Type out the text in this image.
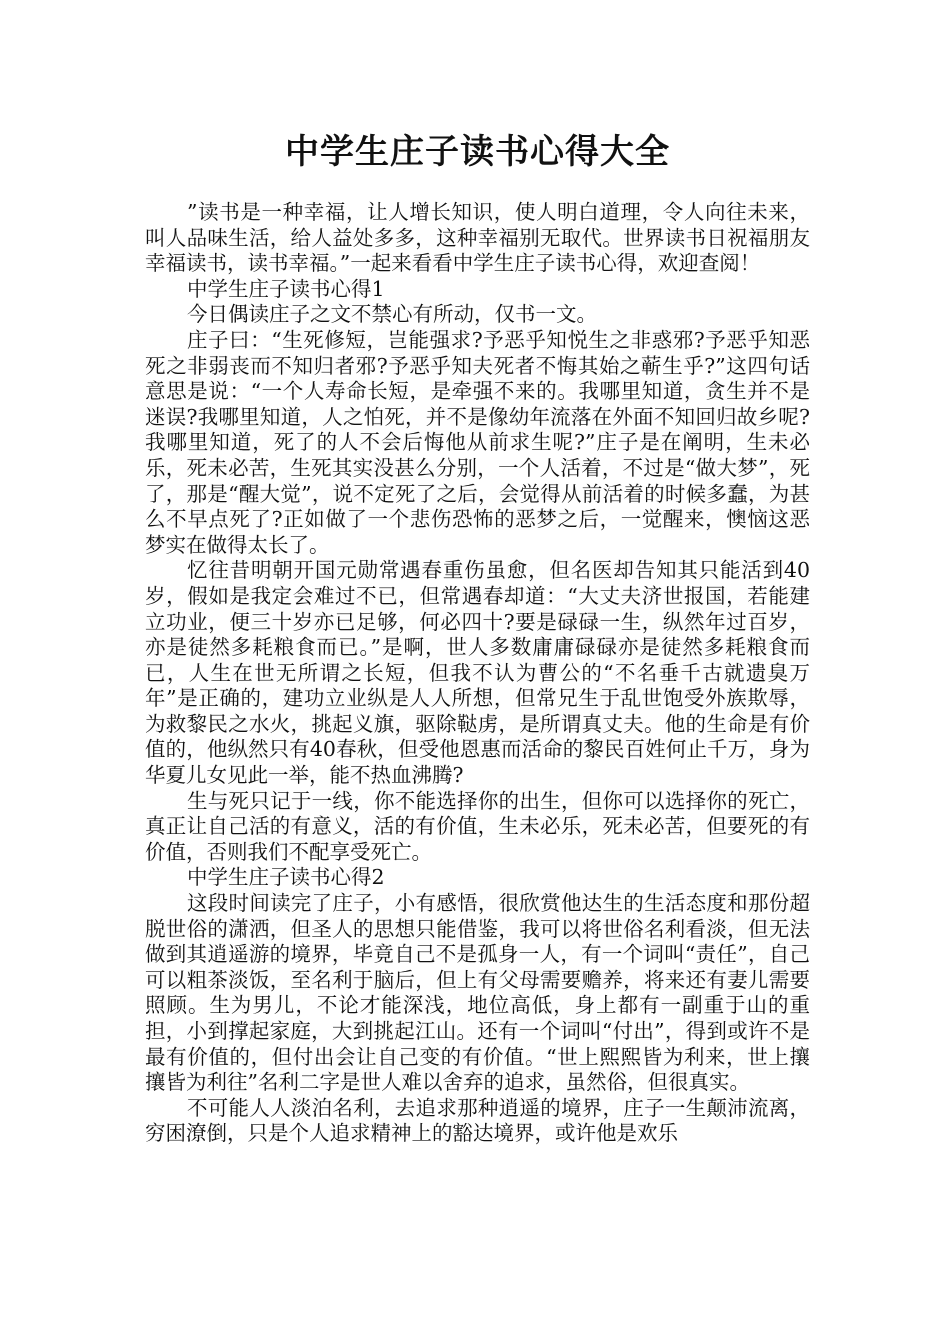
中学生庄子读书心得大全

”读书是一种幸福，让人增长知识，使人明白道理，令人向往未来，叫人品味生活，给人益处多多，这种幸福别无取代。世界读书日祝福朋友幸福读书，读书幸福。”一起来看看中学生庄子读书心得，欢迎查阅！

中学生庄子读书心得1

今日偶读庄子之文不禁心有所动，仅书一文。

庄子曰：“生死修短，岂能强求?予恶乎知悦生之非惑邪?予恶乎知恶死之非弱丧而不知归者邪?予恶乎知夫死者不悔其始之蕲生乎?”这四句话意思是说：“一个人寿命长短，是牵强不来的。我哪里知道，贪生并不是迷误?我哪里知道，人之怕死，并不是像幼年流落在外面不知回归故乡呢?我哪里知道，死了的人不会后悔他从前求生呢?”庄子是在阐明，生未必乐，死未必苦，生死其实没甚么分别，一个人活着，不过是“做大梦”，死了，那是“醒大觉”，说不定死了之后，会觉得从前活着的时候多蠢，为甚么不早点死了?正如做了一个悲伤恐怖的恶梦之后，一觉醒来，懊恼这恶梦实在做得太长了。

忆往昔明朝开国元勋常遇春重伤虽愈，但名医却告知其只能活到40岁，假如是我定会难过不已，但常遇春却道：“大丈夫济世报国，若能建立功业，便三十岁亦已足够，何必四十?要是碌碌一生，纵然年过百岁，亦是徒然多耗粮食而已。”是啊，世人多数庸庸碌碌亦是徒然多耗粮食而已，人生在世无所谓之长短，但我不认为曹公的“不名垂千古就遗臭万年”是正确的，建功立业纵是人人所想，但常兄生于乱世饱受外族欺辱，为救黎民之水火，挑起义旗，驱除鞑虏，是所谓真丈夫。他的生命是有价值的，他纵然只有40春秋，但受他恩惠而活命的黎民百姓何止千万，身为华夏儿女见此一举，能不热血沸腾?

生与死只记于一线，你不能选择你的出生，但你可以选择你的死亡，真正让自己活的有意义，活的有价值，生未必乐，死未必苦，但要死的有价值，否则我们不配享受死亡。

中学生庄子读书心得2

这段时间读完了庄子，小有感悟，很欣赏他达生的生活态度和那份超脱世俗的潇洒，但圣人的思想只能借鉴，我可以将世俗名利看淡，但无法做到其逍遥游的境界，毕竟自己不是孤身一人，有一个词叫“责任”，自己可以粗茶淡饭，至名利于脑后，但上有父母需要赡养，将来还有妻儿需要照顾。生为男儿，不论才能深浅，地位高低，身上都有一副重于山的重担，小到撑起家庭，大到挑起江山。还有一个词叫“付出”，得到或许不是最有价值的，但付出会让自己变的有价值。“世上熙熙皆为利来，世上攘攘皆为利往”名利二字是世人难以舍弃的追求，虽然俗，但很真实。

不可能人人淡泊名利，去追求那种逍遥的境界，庄子一生颠沛流离，穷困潦倒，只是个人追求精神上的豁达境界，或许他是欢乐
